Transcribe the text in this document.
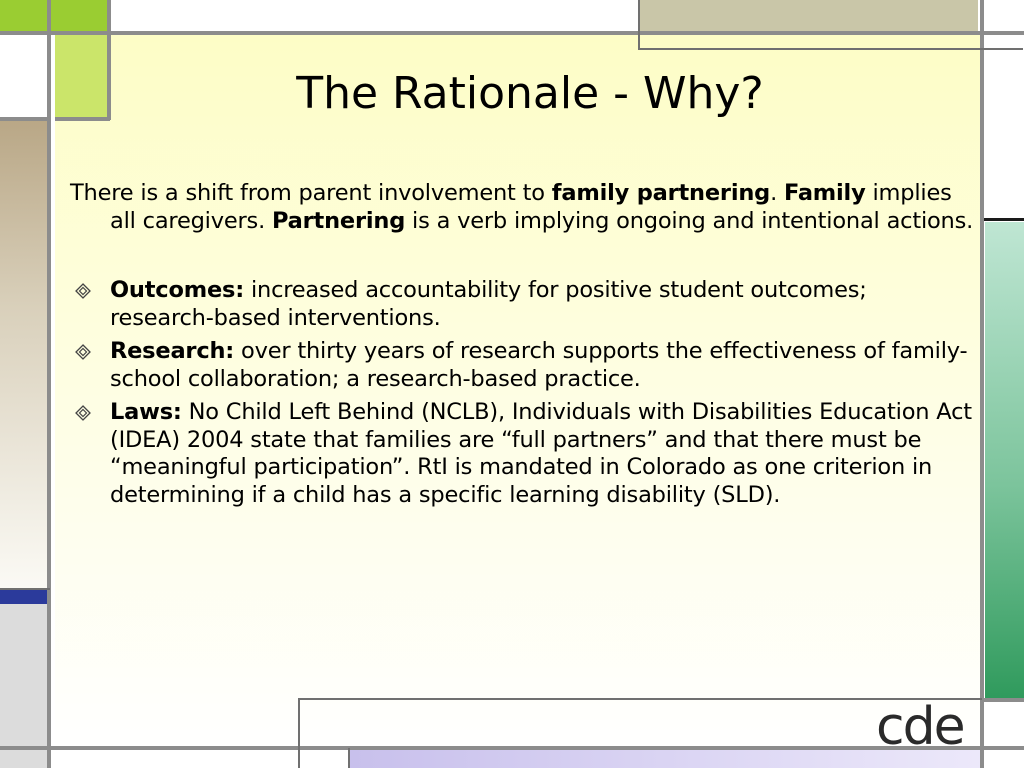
The Rationale - Why?

There is a shift from parent involvement to family partnering. Family implies all caregivers. Partnering is a verb implying ongoing and intentional actions.

Outcomes: increased accountability for positive student outcomes; research-based interventions.

Research: over thirty years of research supports the effectiveness of family-school collaboration; a research-based practice.

Laws: No Child Left Behind (NCLB), Individuals with Disabilities Education Act (IDEA) 2004 state that families are “full partners” and that there must be “meaningful participation”. RtI is mandated in Colorado as one criterion in determining if a child has a specific learning disability (SLD).

cde
